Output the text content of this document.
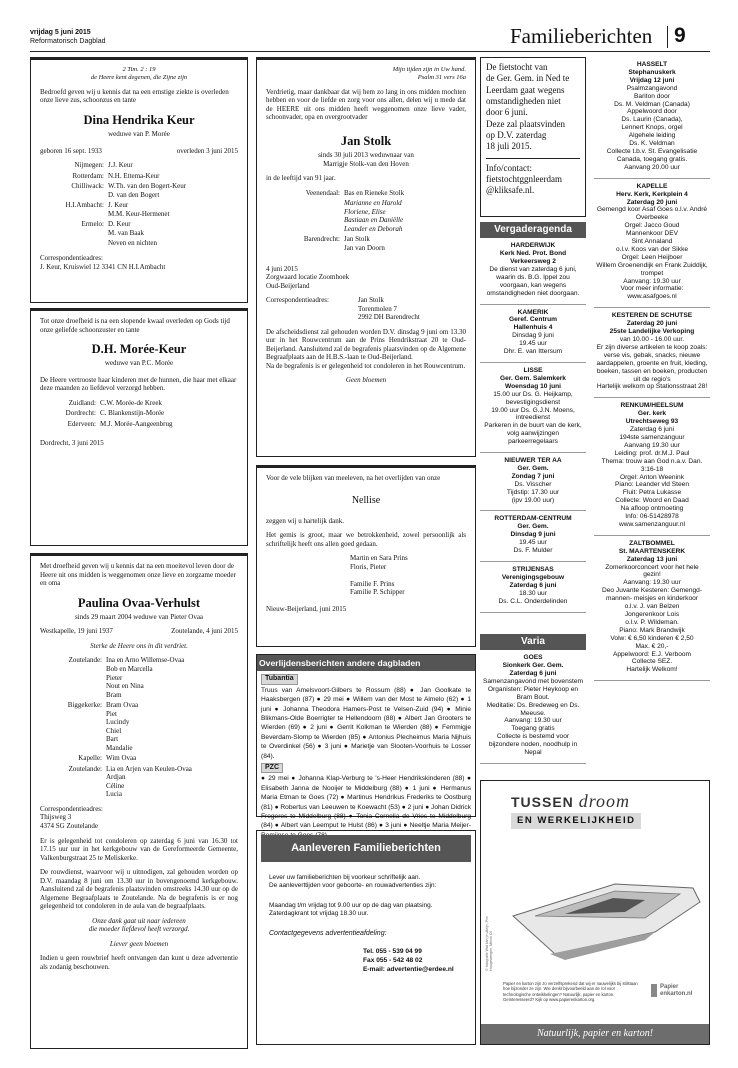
vrijdag 5 juni 2015
Reformatorisch Dagblad	Familieberichten 9
2 Tim. 2 : 19
de Heere kent degenen, die Zijne zijn
Bedroefd geven wij u kennis dat na een ernstige ziekte is overleden onze lieve zus, schoonzus en tante
Dina Hendrika Keur
weduwe van P. Morée
geboren 16 sept. 1933	overleden 3 juni 2015
Nijmegen: J.J. Keur
Rotterdam: N.H. Ettema-Keur
Chilliwack: W.Th. van den Bogert-Keur
D. van den Bogert
H.I.Ambacht: J. Keur
M.M. Keur-Hermenet
Ermelo: D. Keur
M. van Baak
Neven en nichten
Correspondentieadres:
J. Keur, Kruiswiel 12 3341 CN H.I.Ambacht
Tot onze droefheid is na een slopende kwaal overleden op Gods tijd onze geliefde schoonzuster en tante
D.H. Morée-Keur
weduwe van P.C. Morée
De Heere vertrooste haar kinderen met de hunnen, die haar met elkaar deze maanden zo liefdevol verzorgd hebben.
Zuidland: C.W. Morée-de Kreek
Dordrecht: C. Blankenstijn-Morée
Ederveen: M.J. Morée-Aangeenbrug
Dordrecht, 3 juni 2015
Met droefheid geven wij u kennis dat na een moeitevol leven door de Heere uit ons midden is weggenomen onze lieve en zorgzame moeder en oma
Paulina Ovaa-Verhulst
sinds 29 maart 2004 weduwe van Pieter Ovaa
Westkapelle, 19 juni 1937	Zoutelande, 4 juni 2015
Sterke de Heere ons in dit verdriet.
Zoutelande: Ina en Arno Willemse-Ovaa
Bob en Marcella
Pieter
Nout en Nina
Bram
Biggekerke: Bram Ovaa
Piet
Lucindy
Chiel
Bart
Mandalie
Kapelle: Wim Ovaa
Zoutelande: Lia en Arjen van Keulen-Ovaa
Ardjan
Céline
Lucia
Correspondentieadres:
Thijsweg 3
4374 SG Zoutelande
Er is gelegenheid tot condoleren op zaterdag 6 juni van 16.30 tot 17.15 uur uur in het kerkgebouw van de Gereformeerde Gemeente, Valkenburgstraat 25 te Meliskerke.
De rouwdienst, waarvoor wij u uitnodigen, zal gehouden worden op D.V. maandag 8 juni om 13.30 uur in bovengenoemd kerkgebouw. Aansluitend zal de begrafenis plaatsvinden omstreeks 14.30 uur op de Algemene Begraafplaats te Zoutelande. Na de begrafenis is er nog gelegenheid tot condoleren in de aula van de begraafplaats.
Onze dank gaat uit naar iedereen
die moeder liefdevol heeft verzorgd.
Liever geen bloemen
Indien u geen rouwbrief heeft ontvangen dan kunt u deze advertentie als zodanig beschouwen.
Mijn tijden zijn in Uw hand.
Psalm 31 vers 16a
Verdrietig, maar dankbaar dat wij hem zo lang in ons midden mochten hebben en voor de liefde en zorg voor ons allen, delen wij u mede dat de HEERE uit ons midden heeft weggenomen onze lieve vader, schoonvader, opa en overgrootvader
Jan Stolk
sinds 30 juli 2013 weduwnaar van
Marrigje Stolk-van den Hoven
in de leeftijd van 91 jaar.
Veenendaal: Bas en Rieneke Stolk
Marianne en Harold
Floriene, Elise
Bastiaan en Daniëlle
Leander en Deborah
Barendrecht: Jan Stolk
Jan van Doorn
4 juni 2015
Zorgwaard locatie Zoomhoek
Oud-Beijerland
Correspondentieadres:	Jan Stolk
Torenmolen 7
2992 DH Barendrecht
De afscheidsdienst zal gehouden worden D.V. dinsdag 9 juni om 13.30 uur in het Rouwcentrum aan de Prins Hendrikstraat 20 te Oud-Beijerland. Aansluitend zal de begrafenis plaatsvinden op de Algemene Begraafplaats aan de H.B.S.-laan te Oud-Beijerland.
Na de begrafenis is er gelegenheid tot condoleren in het Rouwcentrum.
Geen bloemen
Voor de vele blijken van meeleven, na het overlijden van onze
Nellise
zeggen wij u hartelijk dank.
Het gemis is groot, maar we betrokkenheid, zowel persoonlijk als schriftelijk heeft ons allen goed gedaan.
Martin en Sara Prins
Floris, Pieter

Familie F. Prins
Familie P. Schipper
Nieuw-Beijerland, juni 2015
Overlijdensberichten andere dagbladen
Tubantia
Truus van Amelsvoort-Gilbers te Rossum (88) ● Jan Goolkate te Haaksbergen (87) ● 29 mei ● Willem van der Most te Almelo (62) ● 1 juni ● Johanna Theodora Hamers-Post te Velsen-Zuid (94) ● Minie Blikmans-Olde Boerrigter te Hellendoorn (88) ● Albert Jan Grooters te Wierden (69) ● 2 juni ● Gerrit Kolkman te Wierden (88) ● Femmigje Beverdam-Slomp te Wierden (85) ● Antonius Plecheimus Maria Nijhuis te Overdinkel (56) ● 3 juni ● Marietje van Slooten-Voorhuis te Losser (84).
PZC
● 29 mei ● Johanna Klap-Verburg te 's-Heer Hendrikskinderen (88) ● Elisabeth Janna de Nooijer te Middelburg (88) ● 1 juni ● Hermanus Maria Etman te Goes (72) ● Martinus Hendrikus Frederiks te Oostburg (81) ● Robertus van Leeuwen te Koewacht (53) ● 2 juni ● Johan Didrick Fregeres te Middelburg (88) ● Tonia Cornelia de Vries te Middelburg (84) ● Albert van Leemput te Hulst (86) ● 3 juni ● Neeltje Maria Meijer-
Aanleveren Familieberichten
Lever uw familieberichten bij voorkeur schriftelijk aan.
De aanleverttijden voor geboorte- en rouwadvertenties zijn:
Maandag t/m vrijdag tot 9.00 uur op de dag van plaatsing.
Zaterdagkrant tot vrijdag 18.30 uur.
Contactgegevens advertentieafdeling:
Tel. 055 - 539 04 99
Fax 055 - 542 48 02
E-mail: advertentie@erdee.nl
De fietstocht van
de Ger. Gem. in Ned te
Leerdam gaat wegens
omstandigheden niet
door 6 juni.
Deze zal plaatsvinden
op D.V. zaterdag
18 juli 2015.
Info/contact:
fietstochtggnleerdam
@kliksafe.nl.
Vergaderagenda
HARDERWIJK
Kerk Ned. Prot. Bond
Verkeersweg 2
De dienst van zaterdag 6 juni, waarin ds. B.G. Ippel zou voorgaan, kan wegens omstandigheden niet doorgaan.
KAMERIK
Geref. Centrum
Hallenhuis 4
Dinsdag 9 juni
19.45 uur
Dhr. E. van Ittersum
LISSE
Ger. Gem. Salemkerk
Woensdag 10 juni
15.00 uur Ds. G. Heijkamp, bevestigingsdienst
19.00 uur Ds. G.J.N. Moens, intreedienst
Parkeren in de buurt van de kerk, volg aanwijzingen parkeerregelaars
NIEUWER TER AA
Ger. Gem.
Zondag 7 juni
Ds. Visscher
Tijdstip: 17.30 uur
(ipv 19.00 uur)
ROTTERDAM-CENTRUM
Ger. Gem.
Dinsdag 9 juni
19.45 uur
Ds. F. Mulder
STRIJENSAS
Verenigingsgebouw
Zaterdag 6 juni
18.30 uur
Ds. C.L. Onderdelinden
Varia
GOES
Sionkerk Ger. Gem.
Zaterdag 6 juni
Samenzangavond met bovenstem
Organisten: Pieter Heykoop en Bram Bout.
Meditatie: Ds. Bredeweg en Ds. Meeuse.
Aanvang: 19.30 uur
Toegang gratis
Collecte is bestemd voor bijzondere noden, noodhulp in Nepal
HASSELT
Stephanuskerk
Vrijdag 12 juni
Psalmzangavond
Bariton door
Ds. M. Veldman (Canada)
Appelwoord door
Ds. Laurin (Canada),
Lennert Knops, orgel
Algehele leiding
Ds. K. Veldman
Collecte t.b.v. St. Evangelisatie Canada, toegang gratis.
Aanvang 20.00 uur
KAPELLE
Herv. Kerk, Kerkplein 4
Zaterdag 20 juni
Gemengd koor Asaf Goes o.l.v. André Overbeeke
Orgel: Jacco Goud
Mannenkoor DEV
Sint Annaland
o.l.v. Koos van der Sikke
Orgel: Leen Heijboer
Willem Groenendijk en Frank Zuiddijk, trompet
Aanvang: 19.30 uur
Voor meer informatie:
www.asafgoes.nl
KESTEREN DE SCHUTSE
Zaterdag 20 juni
25ste Landelijke Verkoping
van 10.00 - 16.00 uur.
Er zijn diverse artikelen te koop zoals: verse vis, gebak, snacks, nieuwe aardappelen, groente en fruit, kleding, boeken, tassen en boeken, producten uit de regio's
Hartelijk welkom op Stationsstraat 28!
RENKUM/HEELSUM
Ger. kerk
Utrechtseweg 93
Zaterdag 6 juni
194ste samenzanguur
Aanvang 19.30 uur
Leiding: prof. dr.M.J. Paul
Thema: trouw aan God n.a.v. Dan. 3:16-18
Orgel: Anton Weenink
Piano: Leander vld Steen
Fluit: Petra Lukasse
Collecte: Woord en Daad
Na afloop ontmoeting
Info: 06-51428978
www.samenzanguur.nl
ZALTBOMMEL
St. MAARTENSKERK
Zaterdag 13 juni
Zomerkoorconcert voor het hele gezin!
Aanvang: 19.30 uur
Deo Juvante Kesteren: Gemengd- mannen- meisjes en kinderkoor
o.l.v. J. van Belzen
Jongerenkoor Lois
o.l.v. P. Wildeman.
Piano: Mark Brandwijk
Volw: € 6,50 kinderen € 2,50
Max. € 20,-
Appelwoord: E.J. Verboom
Collecte SEZ.
Hartelijk Welkom!
TUSSEN droom
EN WERKELIJKHEID
© fotografie Wat kan je uitzijn, Pim Hoogeweegen, Merck Ol
Papier en karton zijn zo verzelfsprekend dat wij er nauwelijks bij stilstaan hoe bijzonder ze zijn. Wie denkt bijvoorbeeld aan de rol voor technologische ontwikkelingen? Natuurlijk, papier en karton. Geïnteresseerd? Kijk op www.papierenkarton.org.
Papier
enkarton.nl
Natuurlijk, papier en karton!
